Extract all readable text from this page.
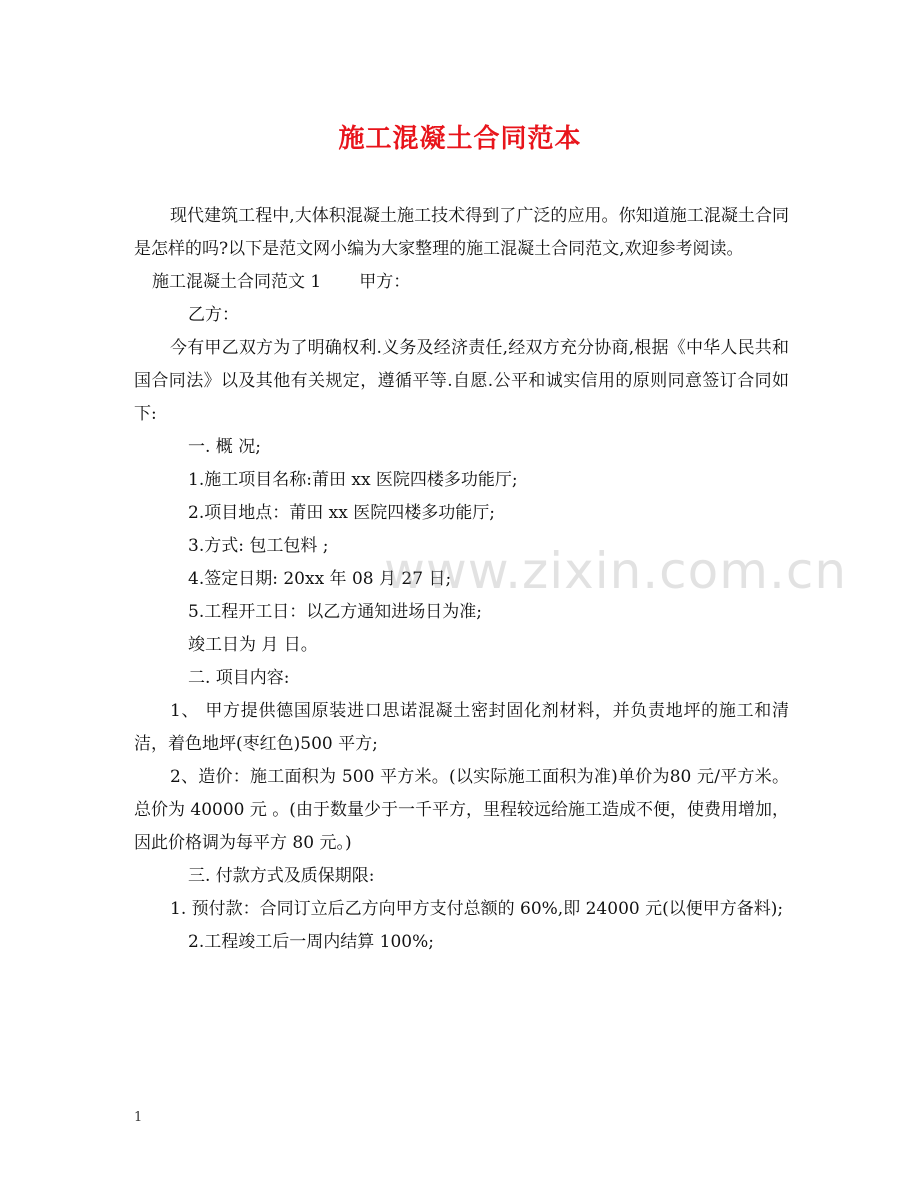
施工混凝土合同范本

现代建筑工程中,大体积混凝土施工技术得到了广泛的应用。你知道施工混凝土合同是怎样的吗?以下是范文网小编为大家整理的施工混凝土合同范文,欢迎参考阅读。

施工混凝土合同范文 1 甲方：

乙方：

今有甲乙双方为了明确权利.义务及经济责任,经双方充分协商,根据《中华人民共和国合同法》以及其他有关规定，遵循平等.自愿.公平和诚实信用的原则同意签订合同如下:

一. 概 况;

1.施工项目名称:莆田 xx 医院四楼多功能厅;

2.项目地点：莆田 xx 医院四楼多功能厅;

3.方式: 包工包料 ;

4.签定日期: 20xx 年 08 月 27 日;

5.工程开工日：以乙方通知进场日为准;

竣工日为 月 日。

二. 项目内容:

1、 甲方提供德国原装进口思诺混凝土密封固化剂材料，并负责地坪的施工和清洁，着色地坪(枣红色)500 平方;

2、造价：施工面积为 500 平方米。(以实际施工面积为准)单价为80 元/平方米。总价为 40000 元 。(由于数量少于一千平方，里程较远给施工造成不便，使费用增加，因此价格调为每平方 80 元。)

三. 付款方式及质保期限:

1. 预付款：合同订立后乙方向甲方支付总额的 60%,即 24000 元(以便甲方备料);

2.工程竣工后一周内结算 100%;

www.zixin.com.cn
1
